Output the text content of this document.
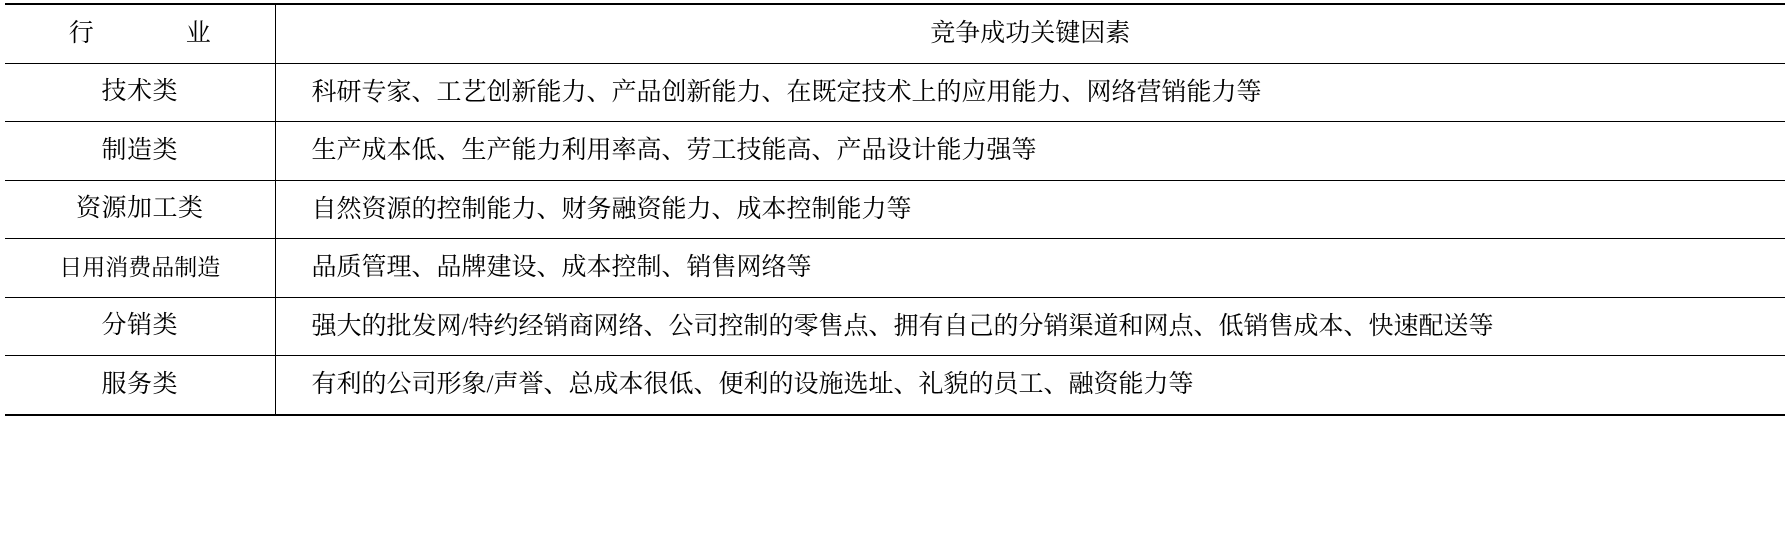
行　　业	竞争成功关键因素
技术类	科研专家、工艺创新能力、产品创新能力、在既定技术上的应用能力、网络营销能力等
制造类	生产成本低、生产能力利用率高、劳工技能高、产品设计能力强等
资源加工类	自然资源的控制能力、财务融资能力、成本控制能力等
日用消费品制造	品质管理、品牌建设、成本控制、销售网络等
分销类	强大的批发网/特约经销商网络、公司控制的零售点、拥有自己的分销渠道和网点、低销售成本、快速配送等
服务类	有利的公司形象/声誉、总成本很低、便利的设施选址、礼貌的员工、融资能力等
